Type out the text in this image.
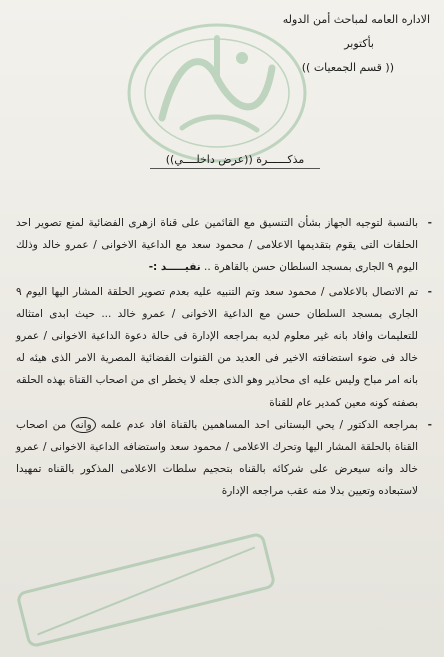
الاداره العامه لمباحث أمن الدوله
بأكتوبر
(( قسم الجمعيات ))
مذكــــــرة ((عرض داخلــــي))

- بالنسبة لتوجيه الجهاز بشأن التنسيق مع القائمين على قناة ازهرى الفضائية لمنع تصوير احد الحلقات التى يقوم بتقديمها الاعلامى / محمود سعد مع الداعية الاخوانى / عمرو خالد وذلك اليوم ٩ الجارى بمسجد السلطان حسن بالقاهرة .. نفيـــــد :-

- تم الاتصال بالاعلامى / محمود سعد وتم التنبيه عليه بعدم تصوير الحلقة المشار اليها اليوم ٩ الجارى بمسجد السلطان حسن مع الداعية الاخوانى / عمرو خالد ... حيث ابدى امتثاله للتعليمات وافاد بانه غير معلوم لديه بمراجعه الإدارة فى حالة دعوة الداعية الاخوانى / عمرو خالد فى ضوء استضافته الاخير فى العديد من القنوات الفضائية المصرية الامر الذى هيئه له بانه امر مباح وليس عليه اى محاذير وهو الذى جعله لا يخطر اى من اصحاب القناة بهذه الحلقه بصفته كونه معين كمدير عام للقناة

- بمراجعه الدكتور / يحي البستانى احد المساهمين بالقناة افاد عدم علمه وانه من اصحاب القناة بالحلقة المشار اليها وتحرك الاعلامى / محمود سعد واستضافه الداعية الاخوانى / عمرو خالد وانه سيعرض على شركائه بالقناه بتحجيم سلطات الاعلامى المذكور بالقناه تمهيدا لاستبعاده وتعيين بدلا منه عقب مراجعه الإدارة
